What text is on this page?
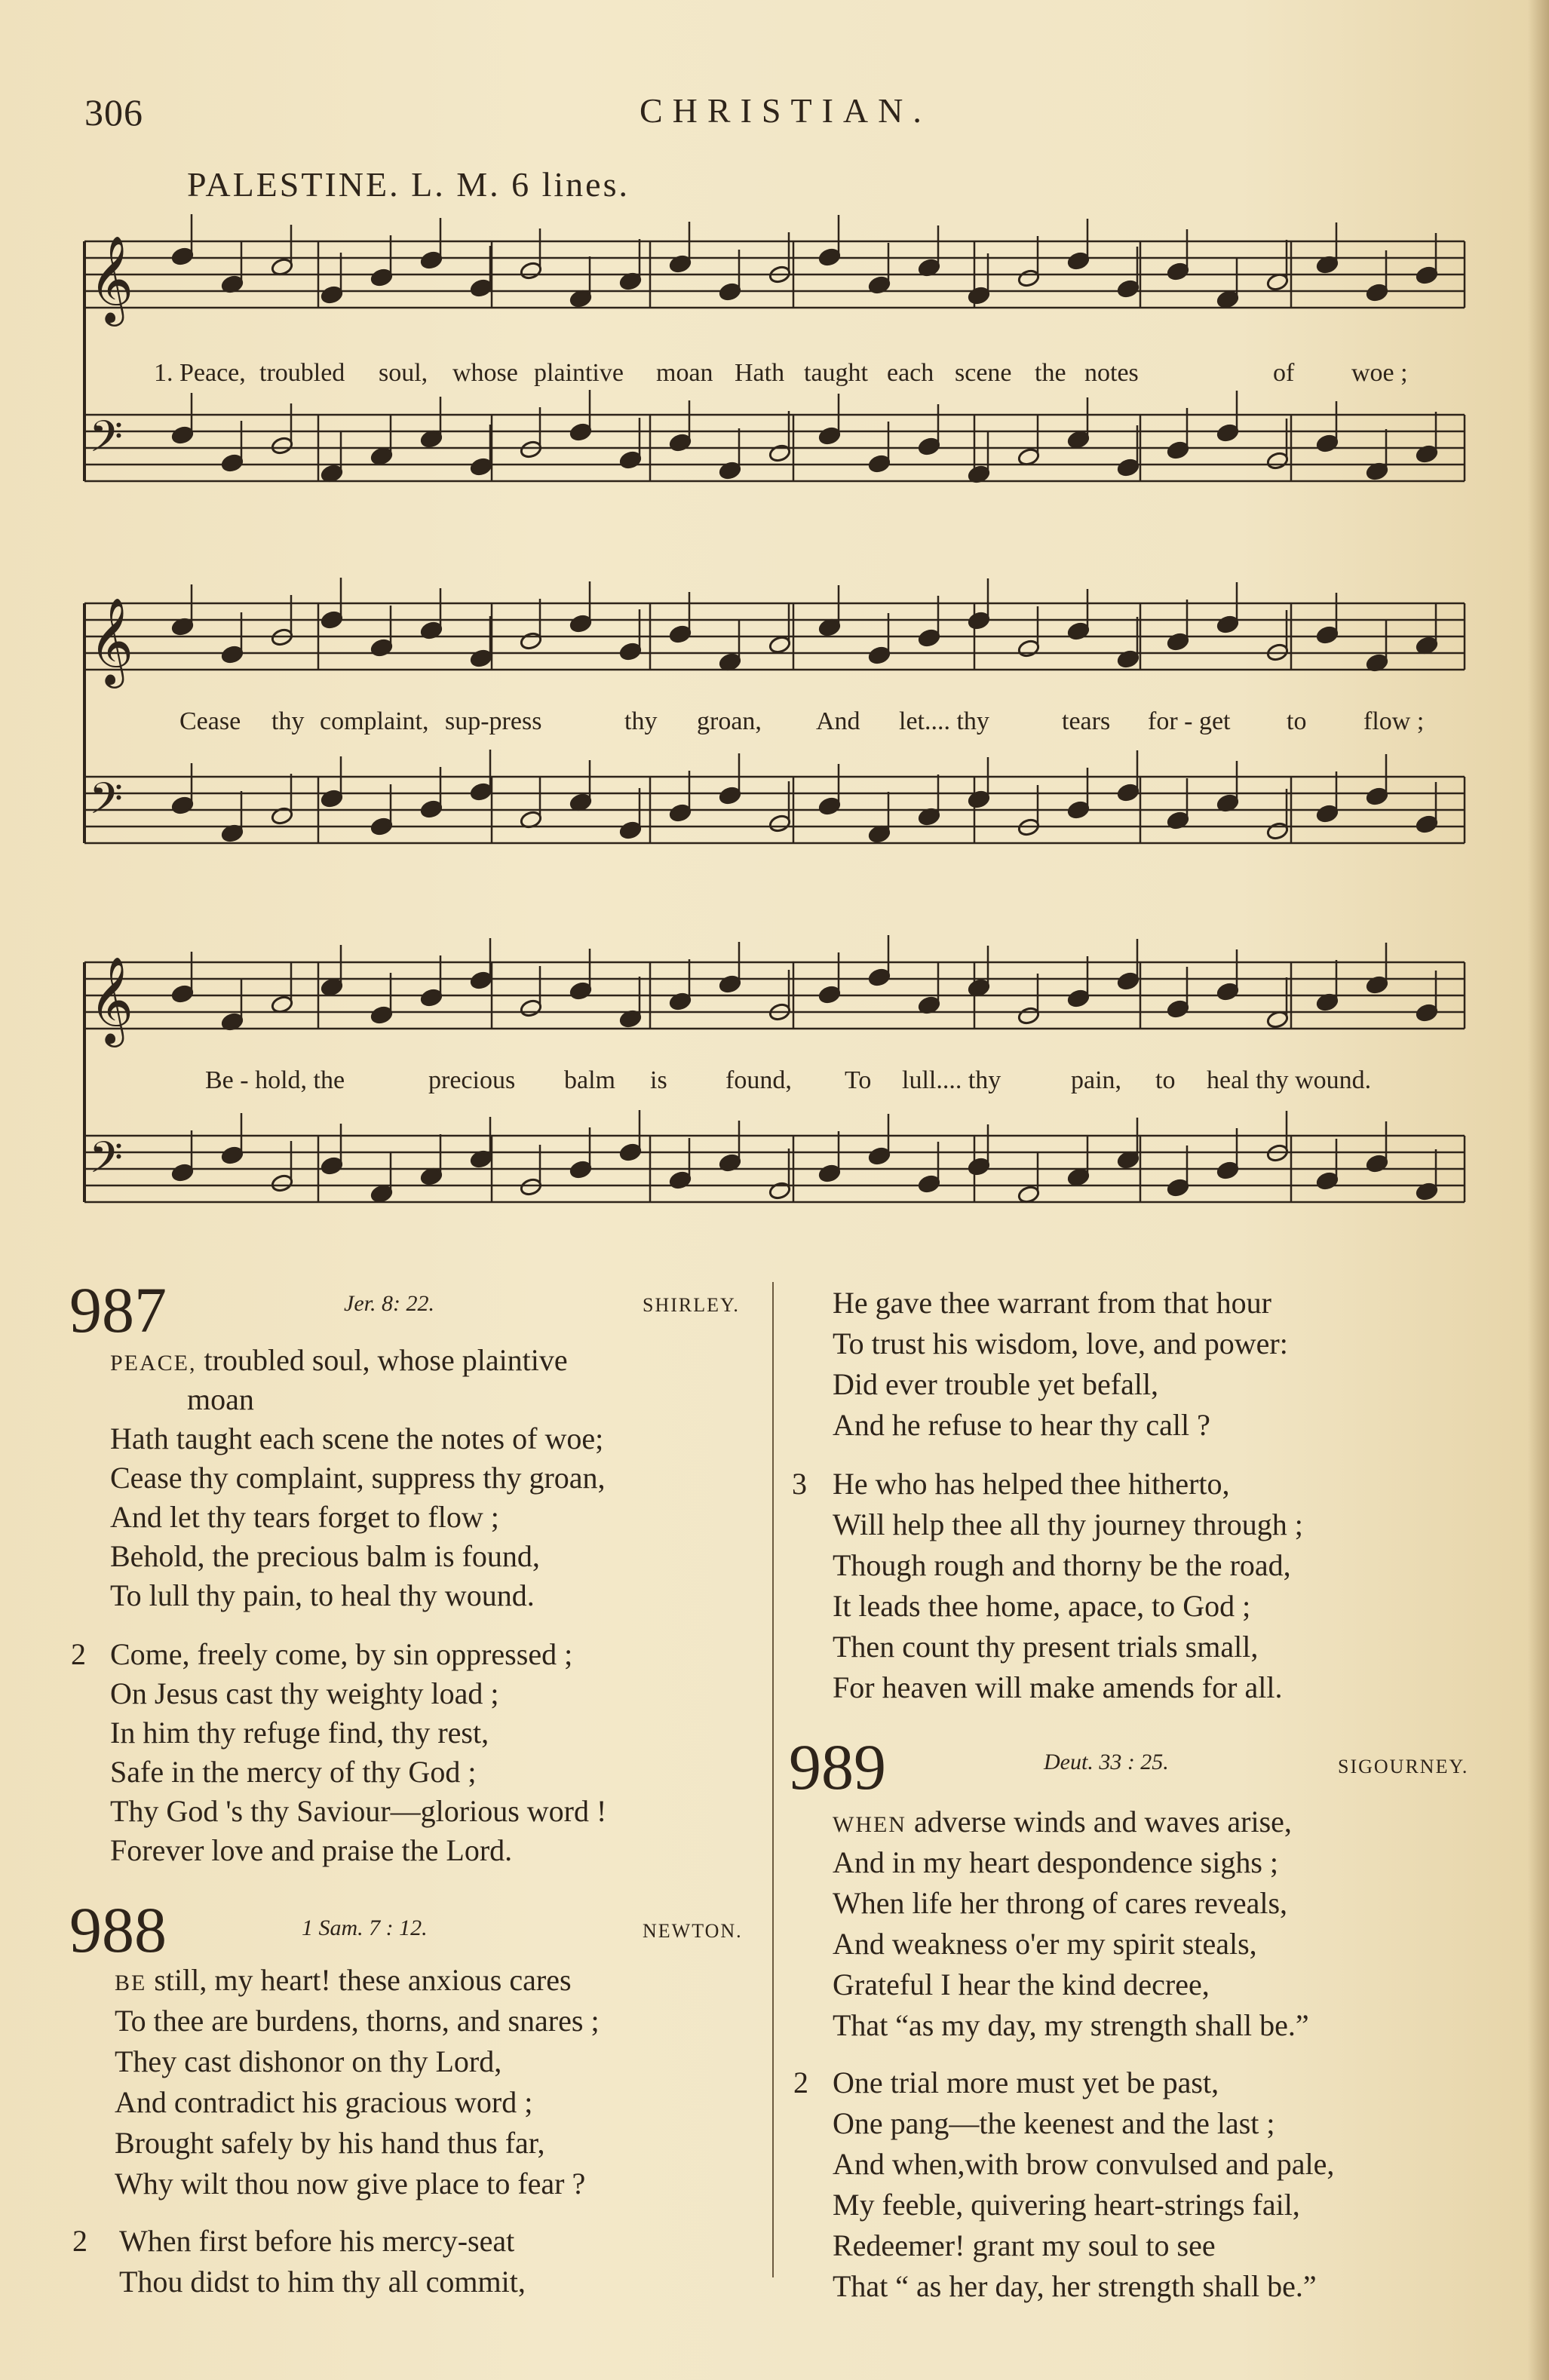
306	CHRISTIAN.
PALESTINE. L. M. 6 lines.
𝄞
𝄢
1. Peace, troubled soul, whose plaintive moan Hath taught each scene the notes	of woe ;
𝄞
𝄢
Cease thy complaint, sup-press	thy groan, And let.... thy	tears for - get to flow ;
𝄞
𝄢
Be - hold, the	precious balm is found, To lull.... thy	pain, to heal thy wound.
987	Jer. 8: 22.	SHIRLEY.
PEACE, troubled soul, whose plaintive
moan
Hath taught each scene the notes of woe;
Cease thy complaint, suppress thy groan,
And let thy tears forget to flow ;
Behold, the precious balm is found,
To lull thy pain, to heal thy wound.
2 Come, freely come, by sin oppressed ;
On Jesus cast thy weighty load ;
In him thy refuge find, thy rest,
Safe in the mercy of thy God ;
Thy God 's thy Saviour—glorious word !
Forever love and praise the Lord.
988	1 Sam. 7 : 12.	NEWTON.
BE still, my heart! these anxious cares
To thee are burdens, thorns, and snares ;
They cast dishonor on thy Lord,
And contradict his gracious word ;
Brought safely by his hand thus far,
Why wilt thou now give place to fear ?
2 When first before his mercy-seat
Thou didst to him thy all commit,
He gave thee warrant from that hour
To trust his wisdom, love, and power:
Did ever trouble yet befall,
And he refuse to hear thy call ?
3 He who has helped thee hitherto,
Will help thee all thy journey through ;
Though rough and thorny be the road,
It leads thee home, apace, to God ;
Then count thy present trials small,
For heaven will make amends for all.
989	Deut. 33 : 25.	SIGOURNEY.
WHEN adverse winds and waves arise,
And in my heart despondence sighs ;
When life her throng of cares reveals,
And weakness o'er my spirit steals,
Grateful I hear the kind decree,
That “as my day, my strength shall be.”
2 One trial more must yet be past,
One pang—the keenest and the last ;
And when,with brow convulsed and pale,
My feeble, quivering heart-strings fail,
Redeemer! grant my soul to see
That “ as her day, her strength shall be.”
